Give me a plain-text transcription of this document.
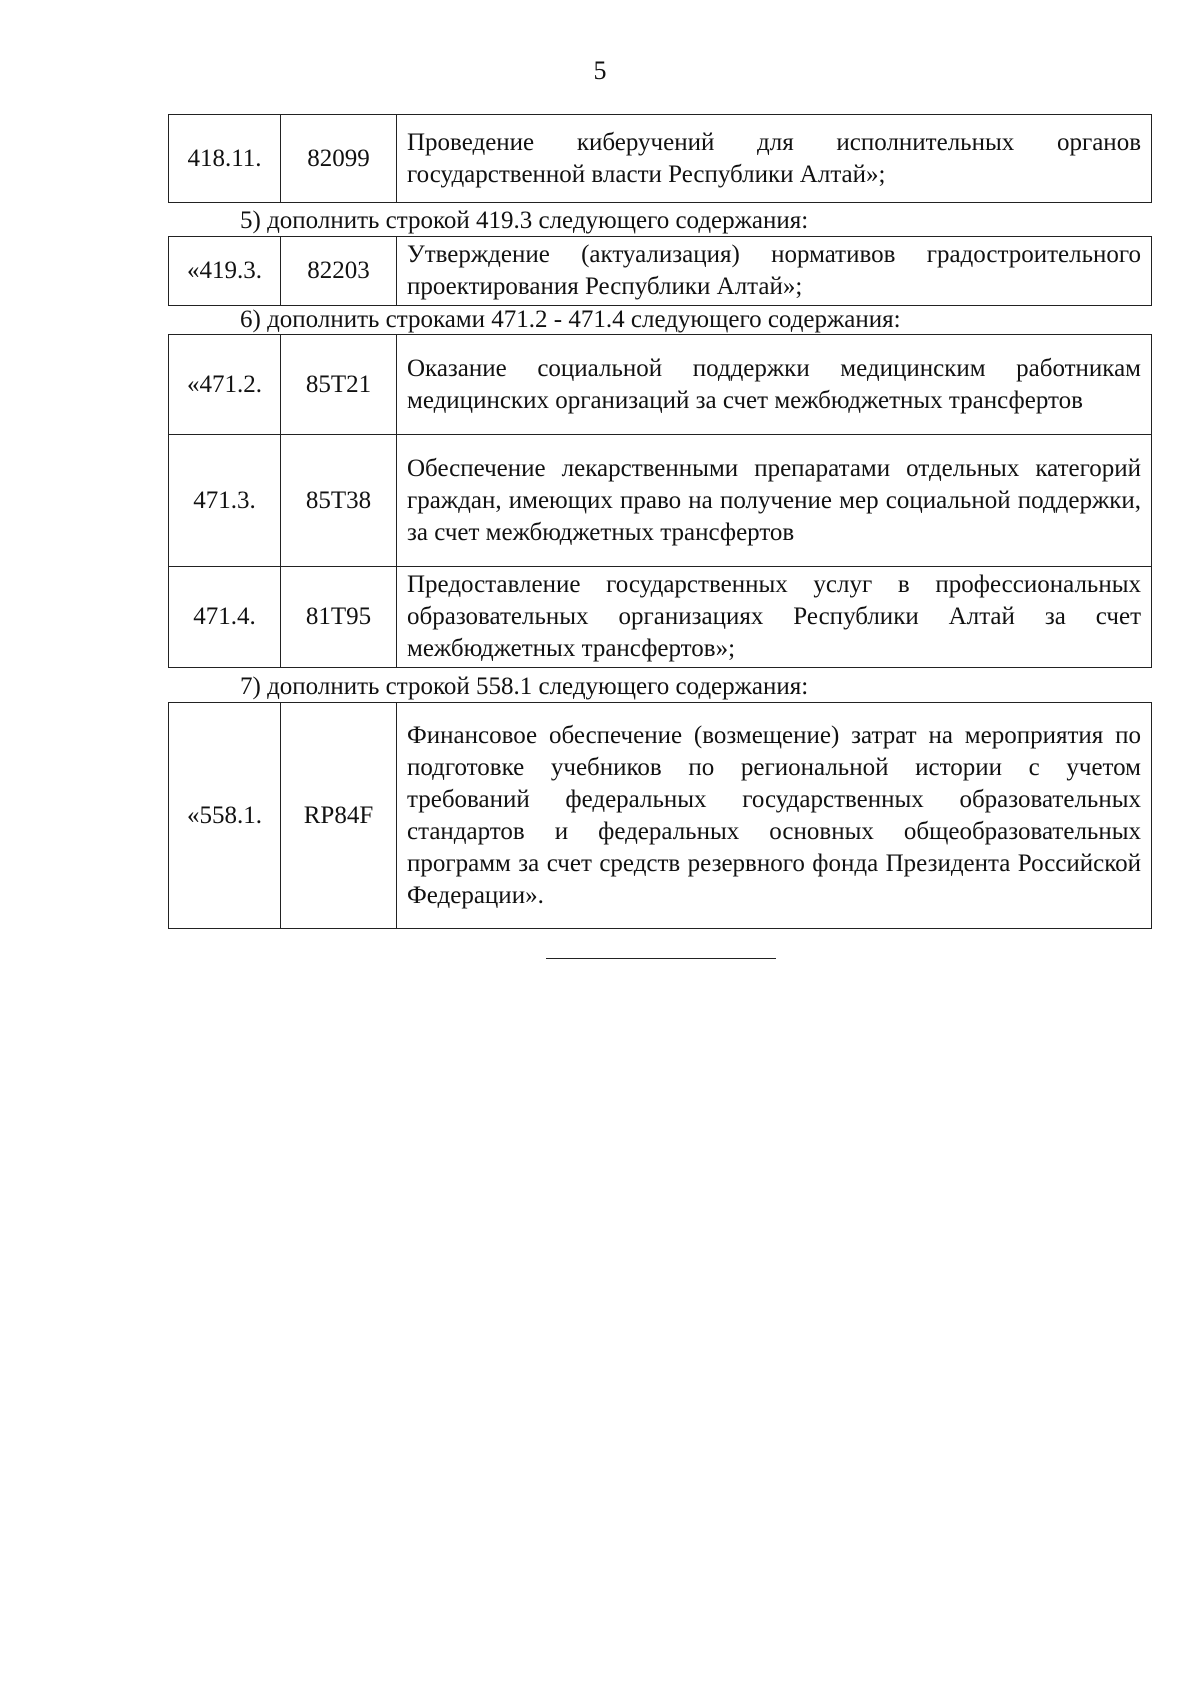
5
418.11.	82099	Проведение киберучений для исполнительных органов государственной власти Республики Алтай»;
5) дополнить строкой 419.3 следующего содержания:
«419.3.	82203	Утверждение (актуализация) нормативов градостроительного проектирования Республики Алтай»;
6) дополнить строками 471.2 - 471.4 следующего содержания:
«471.2.	85Т21	Оказание социальной поддержки медицинским работникам медицинских организаций за счет межбюджетных трансфертов
471.3.	85Т38	Обеспечение лекарственными препаратами отдельных категорий граждан, имеющих право на получение мер социальной поддержки, за счет межбюджетных трансфертов
471.4.	81Т95	Предоставление государственных услуг в профессиональных образовательных организациях Республики Алтай за счет межбюджетных трансфертов»;
7) дополнить строкой 558.1 следующего содержания:
«558.1.	RP84F	Финансовое обеспечение (возмещение) затрат на мероприятия по подготовке учебников по региональной истории с учетом требований федеральных государственных образовательных стандартов и федеральных основных общеобразовательных программ за счет средств резервного фонда Президента Российской Федерации».
